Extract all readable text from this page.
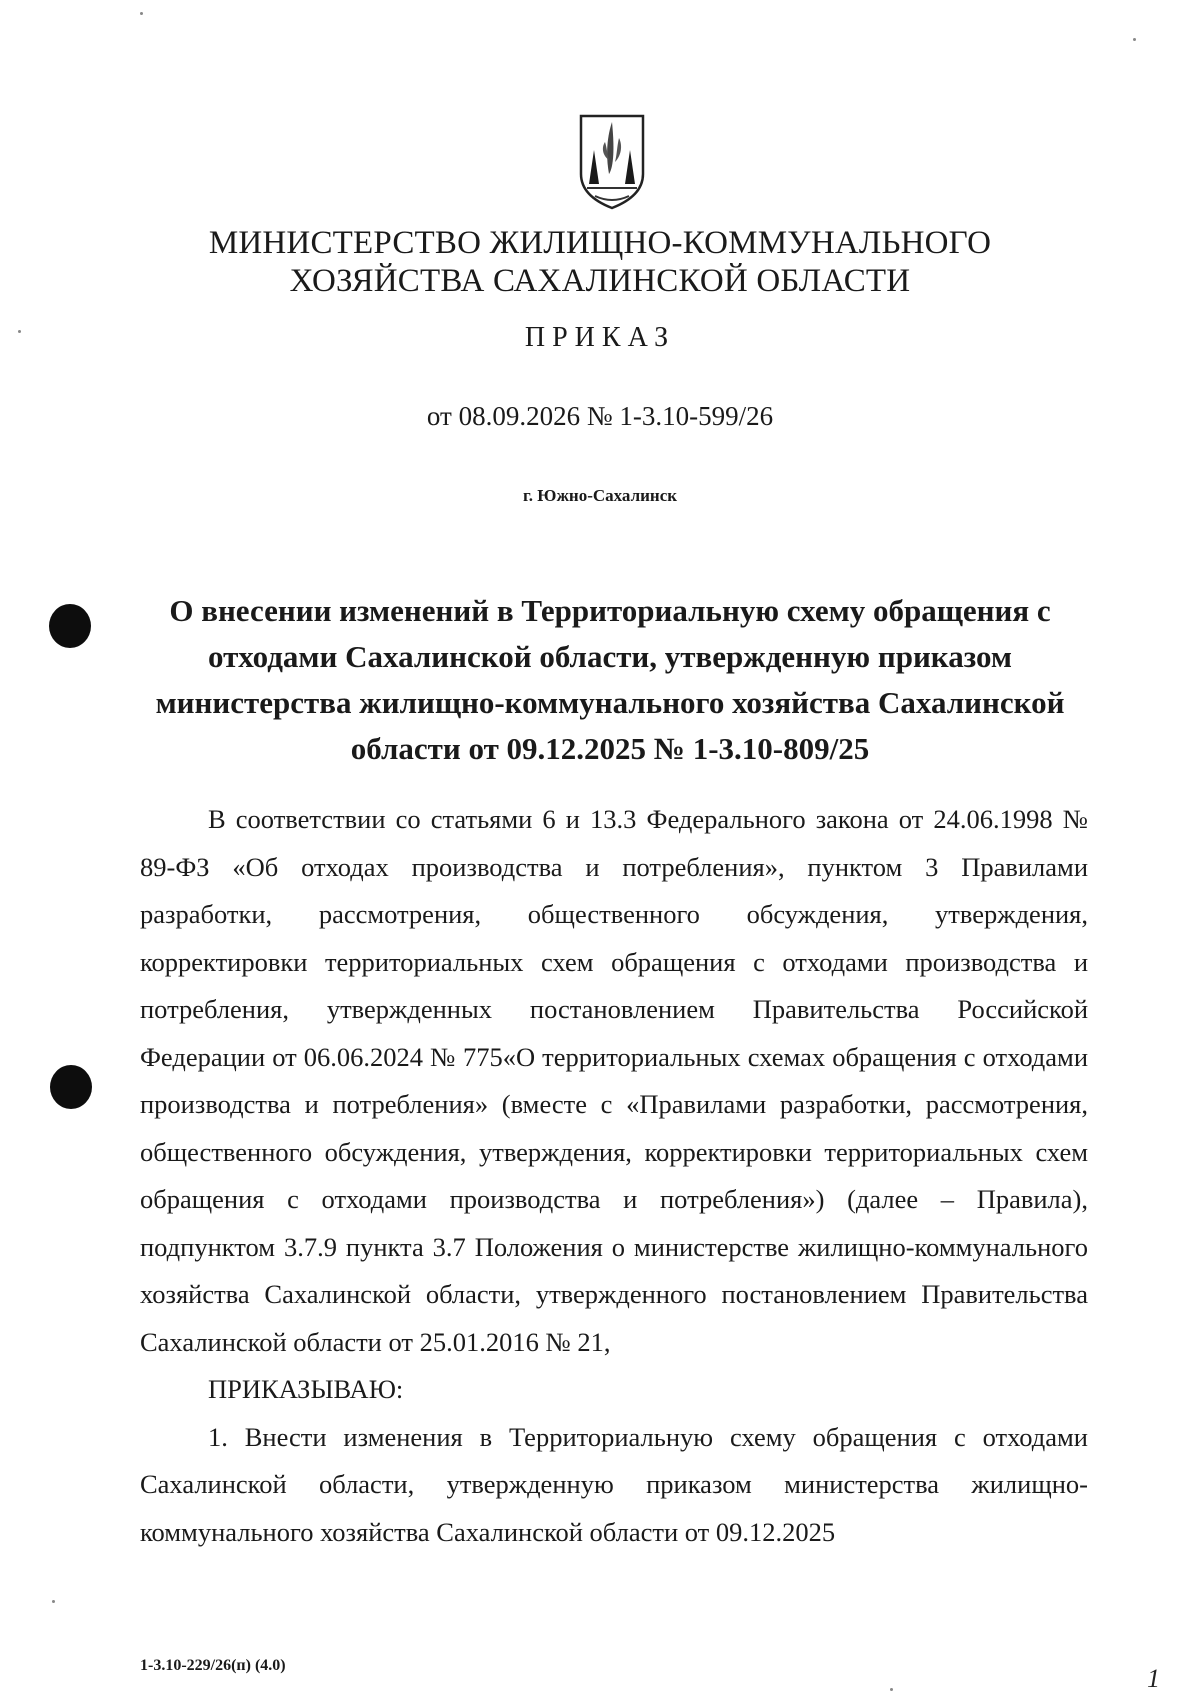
МИНИСТЕРСТВО ЖИЛИЩНО-КОММУНАЛЬНОГО
ХОЗЯЙСТВА САХАЛИНСКОЙ ОБЛАСТИ
ПРИКАЗ
от 08.09.2026 № 1-3.10-599/26
г. Южно-Сахалинск
О внесении изменений в Территориальную схему обращения с отходами Сахалинской области, утвержденную приказом министерства жилищно-коммунального хозяйства Сахалинской области от 09.12.2025 № 1-3.10-809/25

В соответствии со статьями 6 и 13.3 Федерального закона от 24.06.1998 № 89-ФЗ «Об отходах производства и потребления», пунктом 3 Правилами разработки, рассмотрения, общественного обсуждения, утверждения, корректировки территориальных схем обращения с отходами производства и потребления, утвержденных постановлением Правительства Российской Федерации от 06.06.2024 № 775«О территориальных схемах обращения с отходами производства и потребления» (вместе с «Правилами разработки, рассмотрения, общественного обсуждения, утверждения, корректировки территориальных схем обращения с отходами производства и потребления») (далее – Правила), подпунктом 3.7.9 пункта 3.7 Положения о министерстве жилищно-коммунального хозяйства Сахалинской области, утвержденного постановлением Правительства Сахалинской области от 25.01.2016 № 21,

ПРИКАЗЫВАЮ:

1. Внести изменения в Территориальную схему обращения с отходами Сахалинской области, утвержденную приказом министерства жилищно-коммунального хозяйства Сахалинской области от 09.12.2025

1-3.10-229/26(п) (4.0)	1
